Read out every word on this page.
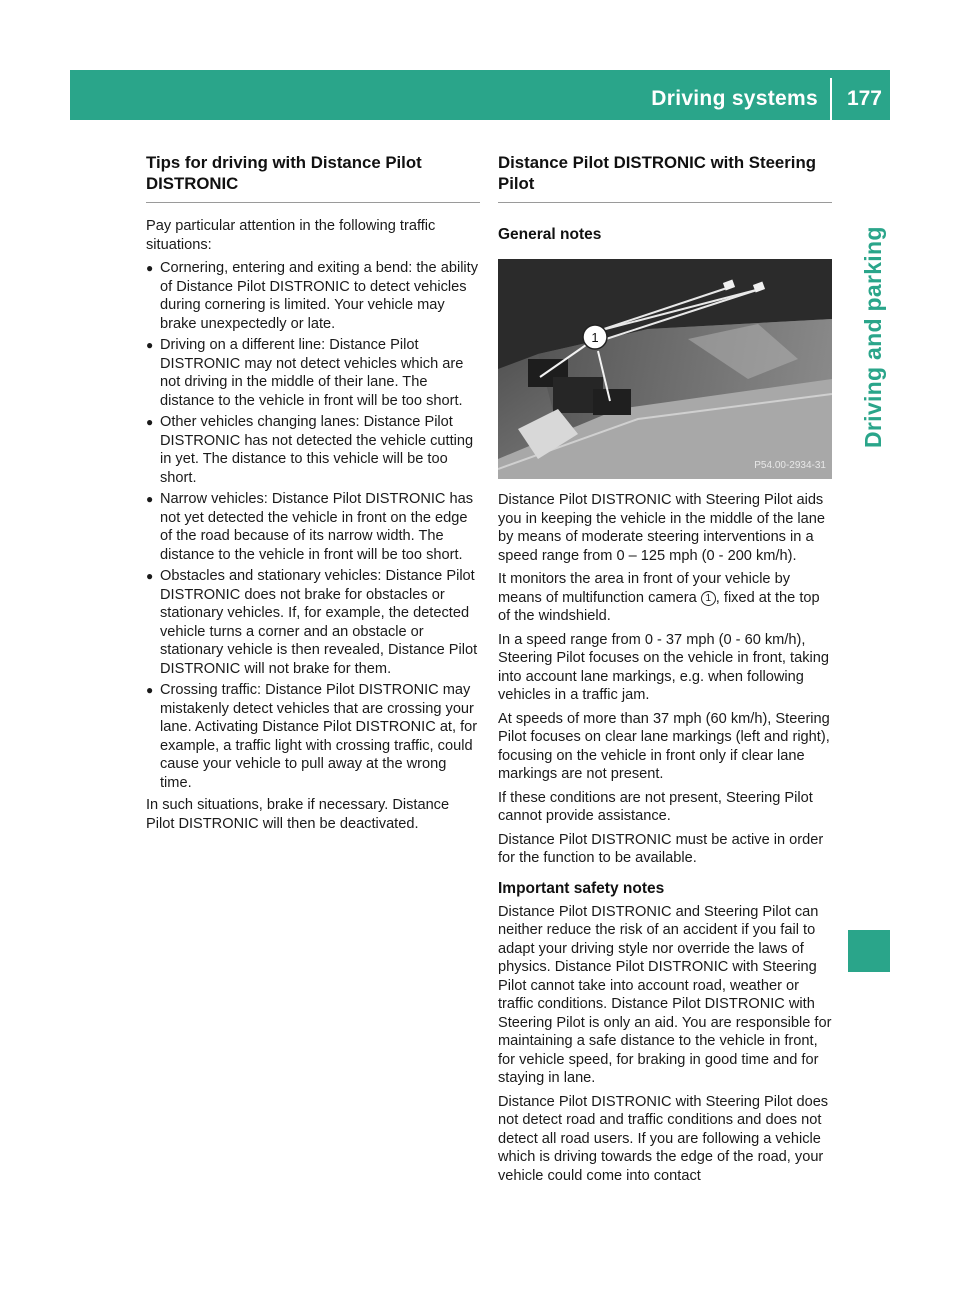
Driving systems 177
Driving and parking
Tips for driving with Distance Pilot DISTRONIC

Pay particular attention in the following traffic situations:

● Cornering, entering and exiting a bend: the ability of Distance Pilot DISTRONIC to detect vehicles during cornering is limited. Your vehicle may brake unexpectedly or late.
● Driving on a different line: Distance Pilot DISTRONIC may not detect vehicles which are not driving in the middle of their lane. The distance to the vehicle in front will be too short.
● Other vehicles changing lanes: Distance Pilot DISTRONIC has not detected the vehicle cutting in yet. The distance to this vehicle will be too short.
● Narrow vehicles: Distance Pilot DISTRONIC has not yet detected the vehicle in front on the edge of the road because of its narrow width. The distance to the vehicle in front will be too short.
● Obstacles and stationary vehicles: Distance Pilot DISTRONIC does not brake for obstacles or stationary vehicles. If, for example, the detected vehicle turns a corner and an obstacle or stationary vehicle is then revealed, Distance Pilot DISTRONIC will not brake for them.
● Crossing traffic: Distance Pilot DISTRONIC may mistakenly detect vehicles that are crossing your lane. Activating Distance Pilot DISTRONIC at, for example, a traffic light with crossing traffic, could cause your vehicle to pull away at the wrong time.

In such situations, brake if necessary. Distance Pilot DISTRONIC will then be deactivated.

Distance Pilot DISTRONIC with Steering Pilot
General notes
1
P54.00-2934-31

Distance Pilot DISTRONIC with Steering Pilot aids you in keeping the vehicle in the middle of the lane by means of moderate steering interventions in a speed range from 0 – 125 mph (0 - 200 km/h).

It monitors the area in front of your vehicle by means of multifunction camera 1 , fixed at the top of the windshield.

In a speed range from 0 - 37 mph (0 - 60 km/h), Steering Pilot focuses on the vehicle in front, taking into account lane markings, e.g. when following vehicles in a traffic jam.

At speeds of more than 37 mph (60 km/h), Steering Pilot focuses on clear lane markings (left and right), focusing on the vehicle in front only if clear lane markings are not present.

If these conditions are not present, Steering Pilot cannot provide assistance.

Distance Pilot DISTRONIC must be active in order for the function to be available.

Important safety notes

Distance Pilot DISTRONIC and Steering Pilot can neither reduce the risk of an accident if you fail to adapt your driving style nor override the laws of physics. Distance Pilot DISTRONIC with Steering Pilot cannot take into account road, weather or traffic conditions. Distance Pilot DISTRONIC with Steering Pilot is only an aid. You are responsible for maintaining a safe distance to the vehicle in front, for vehicle speed, for braking in good time and for staying in lane.

Distance Pilot DISTRONIC with Steering Pilot does not detect road and traffic conditions and does not detect all road users. If you are following a vehicle which is driving towards the edge of the road, your vehicle could come into contact
